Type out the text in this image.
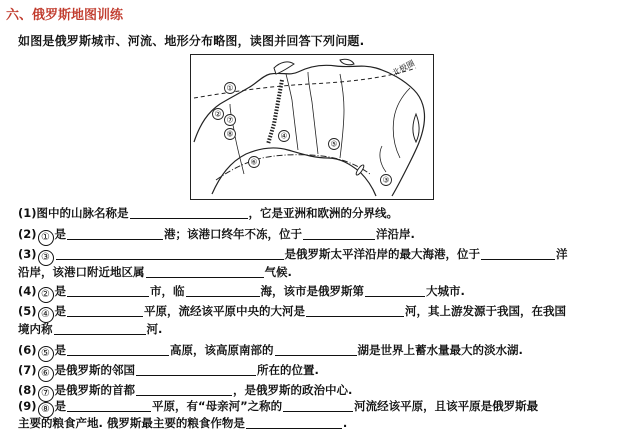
六、俄罗斯地图训练

如图是俄罗斯城市、河流、地形分布略图，读图并回答下列问题.

北极圈
①
②
③
④
⑤
⑥
⑦
⑧

(1)图中的山脉名称是	，它是亚洲和欧洲的分界线。

(2) ① 是	港；该港口终年不冻，位于	洋沿岸.

(3) ③	是俄罗斯太平洋沿岸的最大海港，位于	洋

沿岸，该港口附近地区属	气候.

(4) ② 是	市，临	海，该市是俄罗斯第	大城市.

(5) ④ 是	平原，流经该平原中央的大河是	河，其上游发源于我国，在我国

境内称	河.

(6) ⑤ 是	高原，该高原南部的	湖是世界上蓄水量最大的淡水湖.

(7) ⑥ 是俄罗斯的邻国	所在的位置.

(8) ⑦ 是俄罗斯的首都	，是俄罗斯的政治中心.

(9) ⑧ 是	平原，有“母亲河”之称的	河流经该平原，且该平原是俄罗斯最

主要的粮食产地. 俄罗斯最主要的粮食作物是	.
